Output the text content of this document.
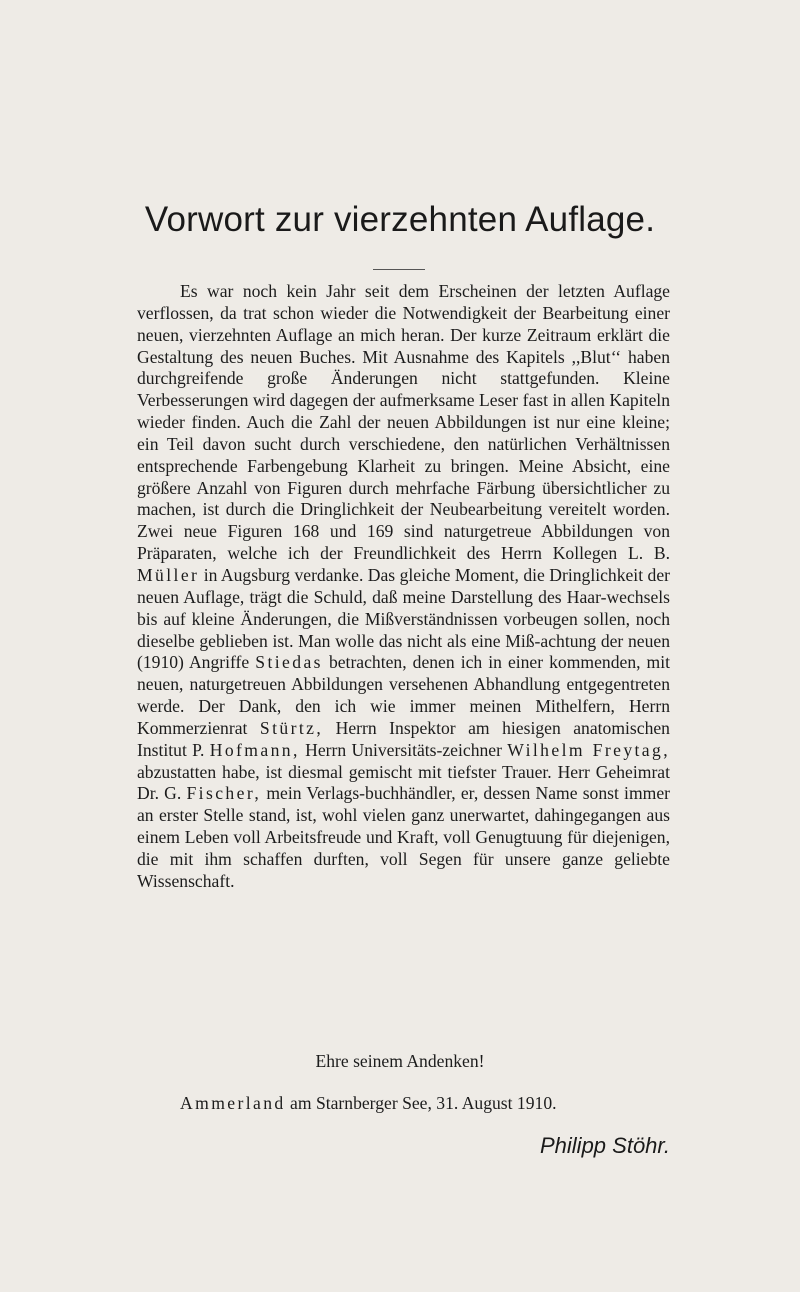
Vorwort zur vierzehnten Auflage.

Es war noch kein Jahr seit dem Erscheinen der letzten Auflage verflossen, da trat schon wieder die Notwendigkeit der Bearbeitung einer neuen, vierzehnten Auflage an mich heran. Der kurze Zeitraum erklärt die Gestaltung des neuen Buches. Mit Ausnahme des Kapitels ,,Blut‘‘ haben durchgreifende große Änderungen nicht stattgefunden. Kleine Verbesserungen wird dagegen der aufmerksame Leser fast in allen Kapiteln wieder finden. Auch die Zahl der neuen Abbildungen ist nur eine kleine; ein Teil davon sucht durch verschiedene, den natürlichen Verhältnissen entsprechende Farbengebung Klarheit zu bringen. Meine Absicht, eine größere Anzahl von Figuren durch mehrfache Färbung übersichtlicher zu machen, ist durch die Dringlichkeit der Neubearbeitung vereitelt worden. Zwei neue Figuren 168 und 169 sind naturgetreue Abbildungen von Präparaten, welche ich der Freundlichkeit des Herrn Kollegen L. B. Müller in Augsburg verdanke. Das gleiche Moment, die Dringlichkeit der neuen Auflage, trägt die Schuld, daß meine Darstellung des Haar-wechsels bis auf kleine Änderungen, die Mißverständnissen vorbeugen sollen, noch dieselbe geblieben ist. Man wolle das nicht als eine Miß-achtung der neuen (1910) Angriffe Stiedas betrachten, denen ich in einer kommenden, mit neuen, naturgetreuen Abbildungen versehenen Abhandlung entgegentreten werde. Der Dank, den ich wie immer meinen Mithelfern, Herrn Kommerzienrat Stürtz, Herrn Inspektor am hiesigen anatomischen Institut P. Hofmann, Herrn Universitäts-zeichner Wilhelm Freytag, abzustatten habe, ist diesmal gemischt mit tiefster Trauer. Herr Geheimrat Dr. G. Fischer, mein Verlags-buchhändler, er, dessen Name sonst immer an erster Stelle stand, ist, wohl vielen ganz unerwartet, dahingegangen aus einem Leben voll Arbeitsfreude und Kraft, voll Genugtuung für diejenigen, die mit ihm schaffen durften, voll Segen für unsere ganze geliebte Wissenschaft.

Ehre seinem Andenken!

Ammerland am Starnberger See, 31. August 1910.

Philipp Stöhr.
